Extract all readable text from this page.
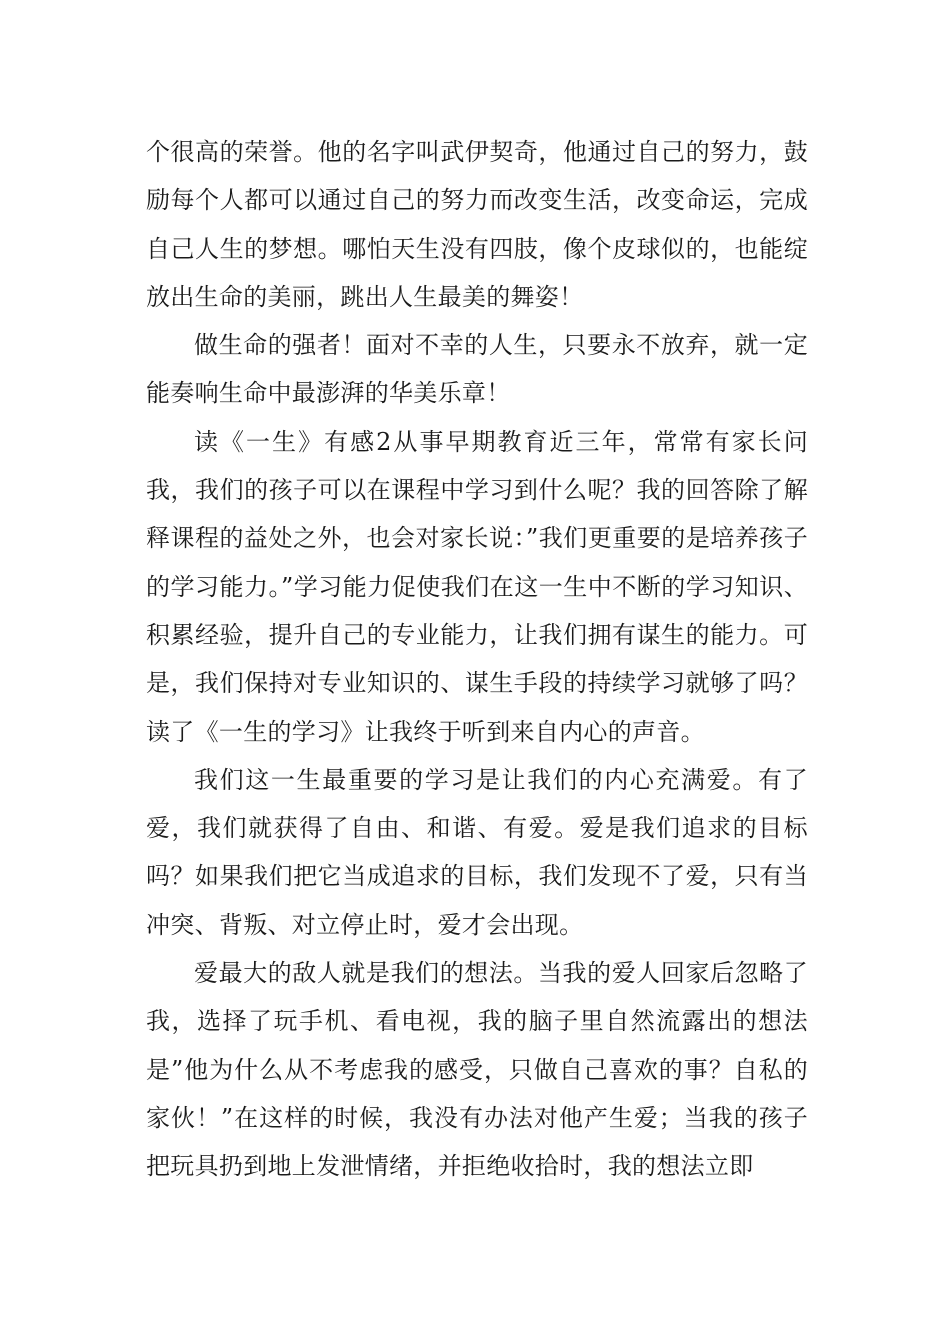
个很高的荣誉。他的名字叫武伊契奇，他通过自己的努力，鼓励每个人都可以通过自己的努力而改变生活，改变命运，完成自己人生的梦想。哪怕天生没有四肢，像个皮球似的，也能绽放出生命的美丽，跳出人生最美的舞姿！

做生命的强者！面对不幸的人生，只要永不放弃，就一定能奏响生命中最澎湃的华美乐章！

读《一生》有感2从事早期教育近三年，常常有家长问我，我们的孩子可以在课程中学习到什么呢？我的回答除了解释课程的益处之外，也会对家长说：”我们更重要的是培养孩子的学习能力。”学习能力促使我们在这一生中不断的学习知识、积累经验，提升自己的专业能力，让我们拥有谋生的能力。可是，我们保持对专业知识的、谋生手段的持续学习就够了吗？读了《一生的学习》让我终于听到来自内心的声音。

我们这一生最重要的学习是让我们的内心充满爱。有了爱，我们就获得了自由、和谐、有爱。爱是我们追求的目标吗？如果我们把它当成追求的目标，我们发现不了爱，只有当冲突、背叛、对立停止时，爱才会出现。

爱最大的敌人就是我们的想法。当我的爱人回家后忽略了我，选择了玩手机、看电视，我的脑子里自然流露出的想法是”他为什么从不考虑我的感受，只做自己喜欢的事？自私的家伙！”在这样的时候，我没有办法对他产生爱；当我的孩子把玩具扔到地上发泄情绪，并拒绝收拾时，我的想法立即
